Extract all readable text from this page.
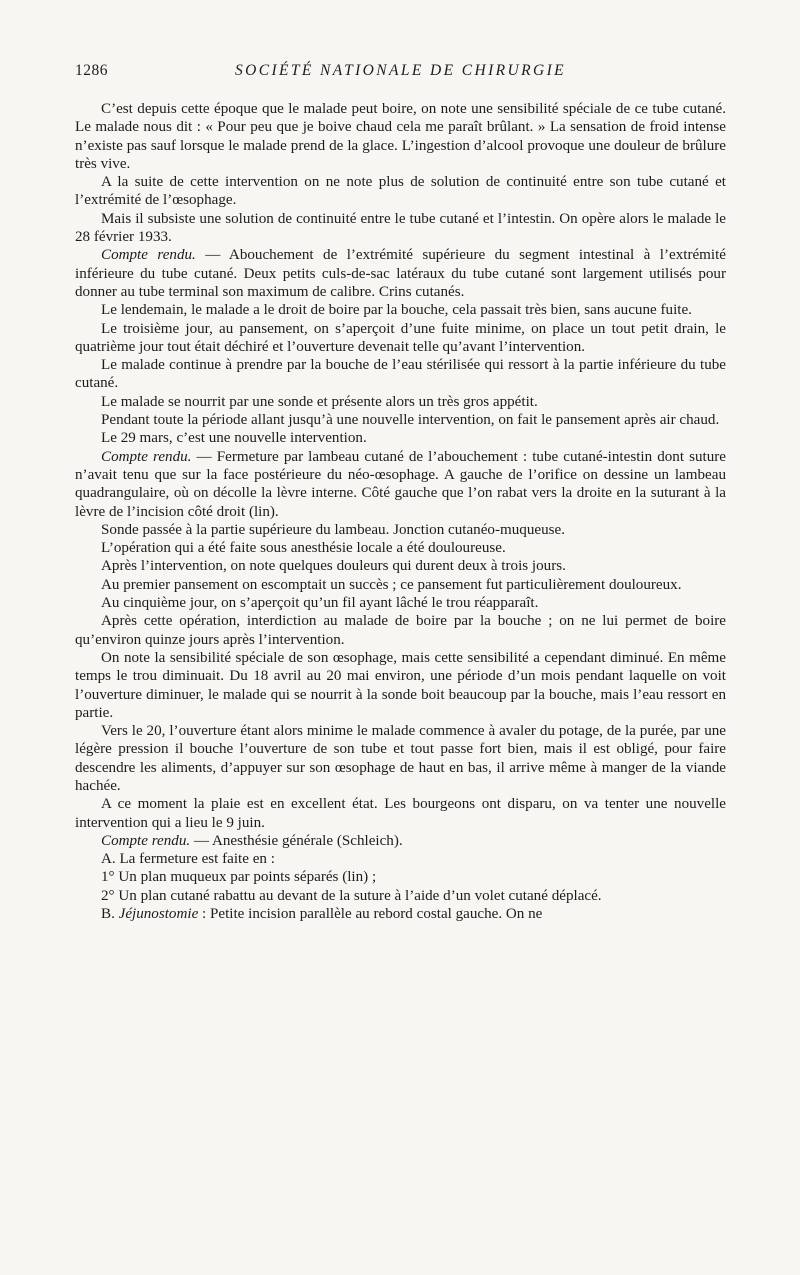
1286	SOCIÉTÉ NATIONALE DE CHIRURGIE

C’est depuis cette époque que le malade peut boire, on note une sensibilité spéciale de ce tube cutané. Le malade nous dit : « Pour peu que je boive chaud cela me paraît brûlant. » La sensation de froid intense n’existe pas sauf lorsque le malade prend de la glace. L’ingestion d’alcool provoque une douleur de brûlure très vive.

A la suite de cette intervention on ne note plus de solution de continuité entre son tube cutané et l’extrémité de l’œsophage.

Mais il subsiste une solution de continuité entre le tube cutané et l’intestin. On opère alors le malade le 28 février 1933.

Compte rendu. — Abouchement de l’extrémité supérieure du segment intestinal à l’extrémité inférieure du tube cutané. Deux petits culs-de-sac latéraux du tube cutané sont largement utilisés pour donner au tube terminal son maximum de calibre. Crins cutanés.

Le lendemain, le malade a le droit de boire par la bouche, cela passait très bien, sans aucune fuite.

Le troisième jour, au pansement, on s’aperçoit d’une fuite minime, on place un tout petit drain, le quatrième jour tout était déchiré et l’ouverture devenait telle qu’avant l’intervention.

Le malade continue à prendre par la bouche de l’eau stérilisée qui ressort à la partie inférieure du tube cutané.

Le malade se nourrit par une sonde et présente alors un très gros appétit.

Pendant toute la période allant jusqu’à une nouvelle intervention, on fait le pansement après air chaud.

Le 29 mars, c’est une nouvelle intervention.

Compte rendu. — Fermeture par lambeau cutané de l’abouchement : tube cutané-intestin dont suture n’avait tenu que sur la face postérieure du néo-œsophage. A gauche de l’orifice on dessine un lambeau quadrangulaire, où on décolle la lèvre interne. Côté gauche que l’on rabat vers la droite en la suturant à la lèvre de l’incision côté droit (lin).

Sonde passée à la partie supérieure du lambeau. Jonction cutanéo-muqueuse.

L’opération qui a été faite sous anesthésie locale a été douloureuse.

Après l’intervention, on note quelques douleurs qui durent deux à trois jours.

Au premier pansement on escomptait un succès ; ce pansement fut particulièrement douloureux.

Au cinquième jour, on s’aperçoit qu’un fil ayant lâché le trou réapparaît.

Après cette opération, interdiction au malade de boire par la bouche ; on ne lui permet de boire qu’environ quinze jours après l’intervention.

On note la sensibilité spéciale de son œsophage, mais cette sensibilité a cependant diminué. En même temps le trou diminuait. Du 18 avril au 20 mai environ, une période d’un mois pendant laquelle on voit l’ouverture diminuer, le malade qui se nourrit à la sonde boit beaucoup par la bouche, mais l’eau ressort en partie.

Vers le 20, l’ouverture étant alors minime le malade commence à avaler du potage, de la purée, par une légère pression il bouche l’ouverture de son tube et tout passe fort bien, mais il est obligé, pour faire descendre les aliments, d’appuyer sur son œsophage de haut en bas, il arrive même à manger de la viande hachée.

A ce moment la plaie est en excellent état. Les bourgeons ont disparu, on va tenter une nouvelle intervention qui a lieu le 9 juin.

Compte rendu. — Anesthésie générale (Schleich).

A. La fermeture est faite en :

1° Un plan muqueux par points séparés (lin) ;

2° Un plan cutané rabattu au devant de la suture à l’aide d’un volet cutané déplacé.

B. Jéjunostomie : Petite incision parallèle au rebord costal gauche. On ne
